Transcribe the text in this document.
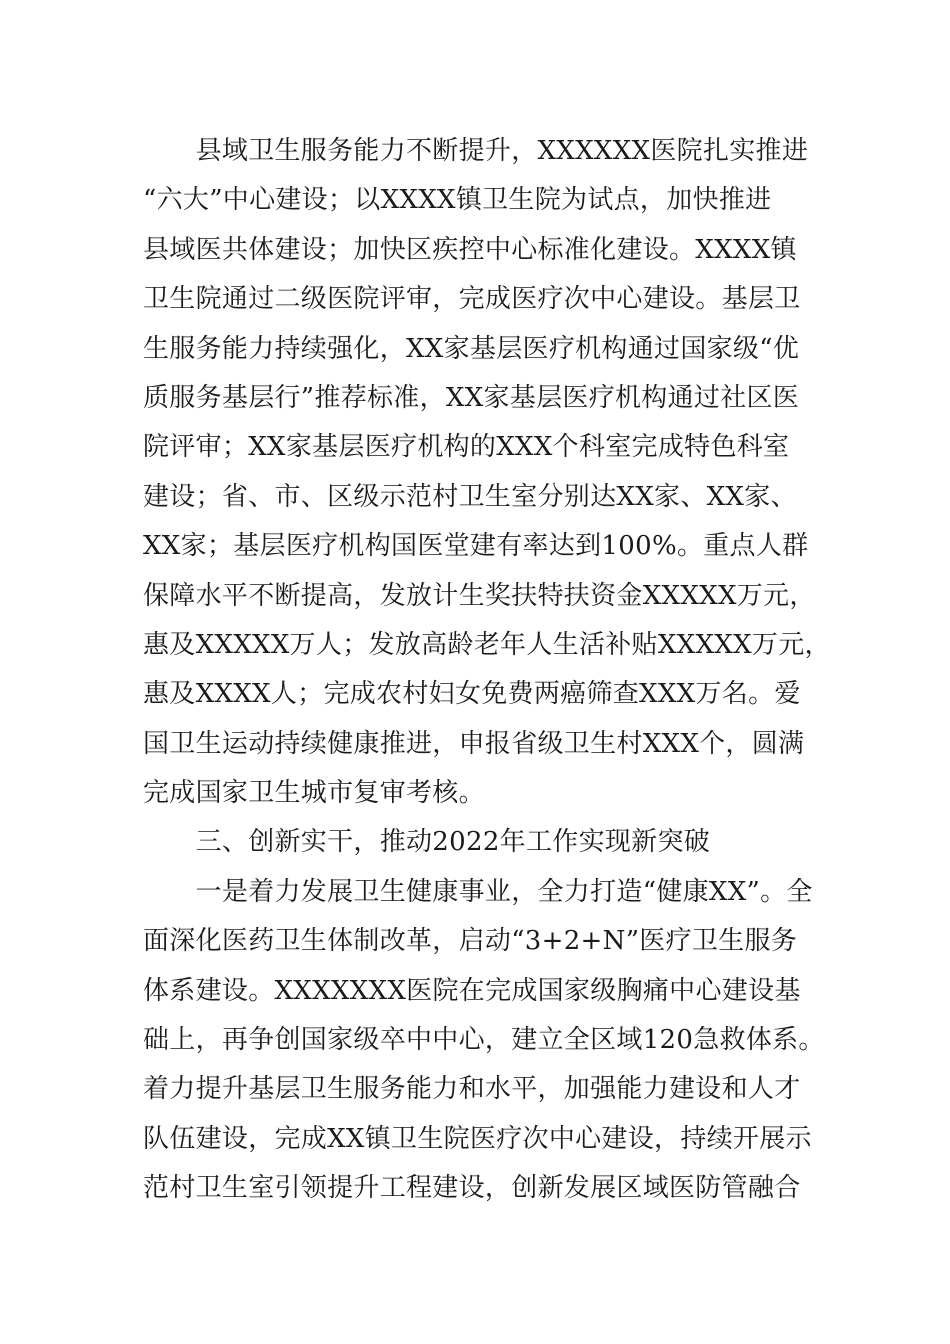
　　县域卫生服务能力不断提升，XXXXXX医院扎实推进
“六大”中心建设；以XXXX镇卫生院为试点，加快推进
县域医共体建设；加快区疾控中心标准化建设。XXXX镇
卫生院通过二级医院评审，完成医疗次中心建设。基层卫
生服务能力持续强化，XX家基层医疗机构通过国家级“优
质服务基层行”推荐标准，XX家基层医疗机构通过社区医
院评审；XX家基层医疗机构的XXX个科室完成特色科室
建设；省、市、区级示范村卫生室分别达XX家、XX家、
XX家；基层医疗机构国医堂建有率达到100%。重点人群
保障水平不断提高，发放计生奖扶特扶资金XXXXX万元，
惠及XXXXX万人；发放高龄老年人生活补贴XXXXX万元，
惠及XXXX人；完成农村妇女免费两癌筛查XXX万名。爱
国卫生运动持续健康推进，申报省级卫生村XXX个，圆满
完成国家卫生城市复审考核。
　　三、创新实干，推动2022年工作实现新突破
　　一是着力发展卫生健康事业，全力打造“健康XX”。全
面深化医药卫生体制改革，启动“3+2+N”医疗卫生服务
体系建设。XXXXXXX医院在完成国家级胸痛中心建设基
础上，再争创国家级卒中中心，建立全区域120急救体系。
着力提升基层卫生服务能力和水平，加强能力建设和人才
队伍建设，完成XX镇卫生院医疗次中心建设，持续开展示
范村卫生室引领提升工程建设，创新发展区域医防管融合
